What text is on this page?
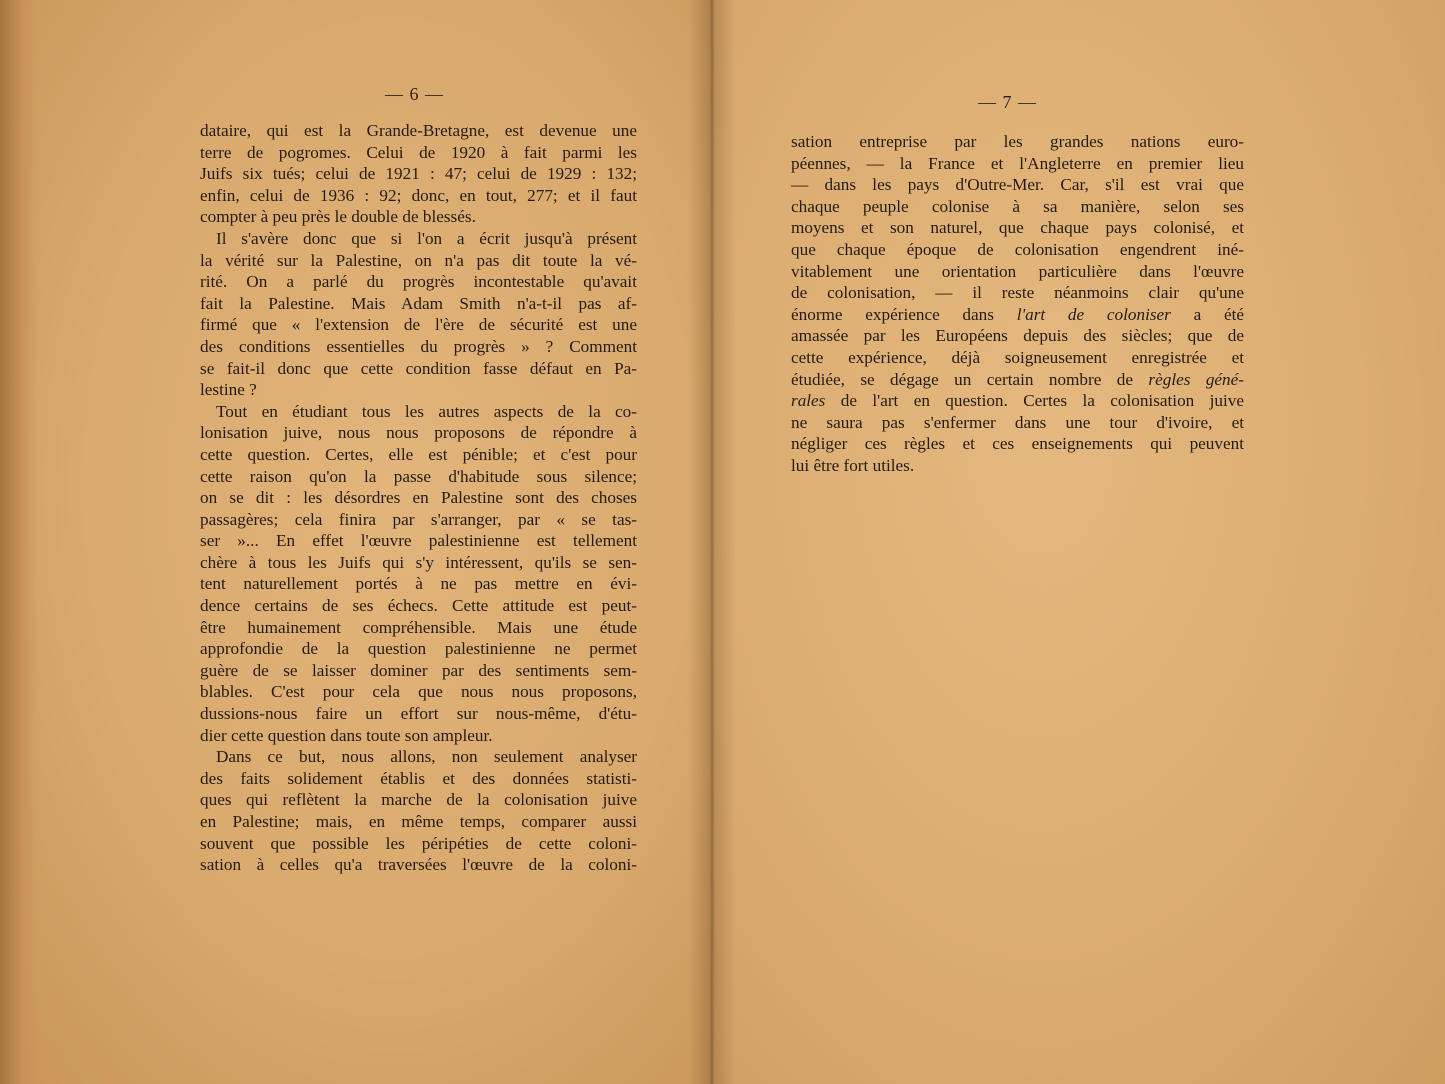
— 6 —

dataire, qui est la Grande-Bretagne, est devenue une
terre de pogromes. Celui de 1920 à fait parmi les
Juifs six tués; celui de 1921 : 47; celui de 1929 : 132;
enfin, celui de 1936 : 92; donc, en tout, 277; et il faut
compter à peu près le double de blessés.

Il s'avère donc que si l'on a écrit jusqu'à présent
la vérité sur la Palestine, on n'a pas dit toute la vé-
rité. On a parlé du progrès incontestable qu'avait
fait la Palestine. Mais Adam Smith n'a-t-il pas af-
firmé que « l'extension de l'ère de sécurité est une
des conditions essentielles du progrès » ? Comment
se fait-il donc que cette condition fasse défaut en Pa-
lestine ?

Tout en étudiant tous les autres aspects de la co-
lonisation juive, nous nous proposons de répondre à
cette question. Certes, elle est pénible; et c'est pour
cette raison qu'on la passe d'habitude sous silence;
on se dit : les désordres en Palestine sont des choses
passagères; cela finira par s'arranger, par « se tas-
ser »... En effet l'œuvre palestinienne est tellement
chère à tous les Juifs qui s'y intéressent, qu'ils se sen-
tent naturellement portés à ne pas mettre en évi-
dence certains de ses échecs. Cette attitude est peut-
être humainement compréhensible. Mais une étude
approfondie de la question palestinienne ne permet
guère de se laisser dominer par des sentiments sem-
blables. C'est pour cela que nous nous proposons,
dussions-nous faire un effort sur nous-même, d'étu-
dier cette question dans toute son ampleur.

Dans ce but, nous allons, non seulement analyser
des faits solidement établis et des données statisti-
ques qui reflètent la marche de la colonisation juive
en Palestine; mais, en même temps, comparer aussi
souvent que possible les péripéties de cette coloni-
sation à celles qu'a traversées l'œuvre de la coloni-

— 7 —

sation entreprise par les grandes nations euro-
péennes, — la France et l'Angleterre en premier lieu
— dans les pays d'Outre-Mer. Car, s'il est vrai que
chaque peuple colonise à sa manière, selon ses
moyens et son naturel, que chaque pays colonisé, et
que chaque époque de colonisation engendrent iné-
vitablement une orientation particulière dans l'œuvre
de colonisation, — il reste néanmoins clair qu'une
énorme expérience dans l'art de coloniser a été
amassée par les Européens depuis des siècles; que de
cette expérience, déjà soigneusement enregistrée et
étudiée, se dégage un certain nombre de règles géné-
rales de l'art en question. Certes la colonisation juive
ne saura pas s'enfermer dans une tour d'ivoire, et
négliger ces règles et ces enseignements qui peuvent
lui être fort utiles.
